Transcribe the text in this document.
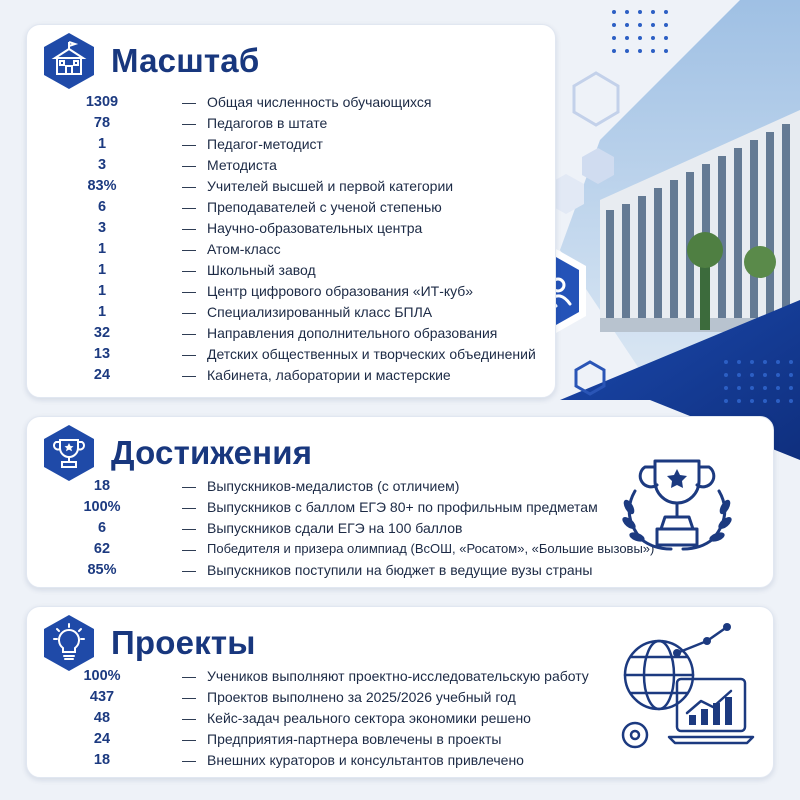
Масштаб
1309	— Общая численность обучающихся
78	— Педагогов в штате
1	— Педагог-методист
3	— Методиста
83%	— Учителей высшей и первой категории
6	— Преподавателей с ученой степенью
3	— Научно-образовательных центра
1	— Атом-класс
1	— Школьный завод
1	— Центр цифрового образования «ИТ-куб»
1	— Специализированный класс БПЛА
32	— Направления дополнительного образования
13	— Детских общественных и творческих объединений
24	— Кабинета, лаборатории и мастерские
Достижения
18	— Выпускников-медалистов (с отличием)
100%	— Выпускников с баллом ЕГЭ 80+ по профильным предметам
6	— Выпускников сдали ЕГЭ на 100 баллов
62	— Победителя и призера олимпиад (ВсОШ, «Росатом», «Большие вызовы»)
85%	— Выпускников поступили на бюджет в ведущие вузы страны
Проекты
100%	— Учеников выполняют проектно-исследовательскую работу
437	— Проектов выполнено за 2025/2026 учебный год
48	— Кейс-задач реального сектора экономики решено
24	— Предприятия-партнера вовлечены в проекты
18	— Внешних кураторов и консультантов привлечено
